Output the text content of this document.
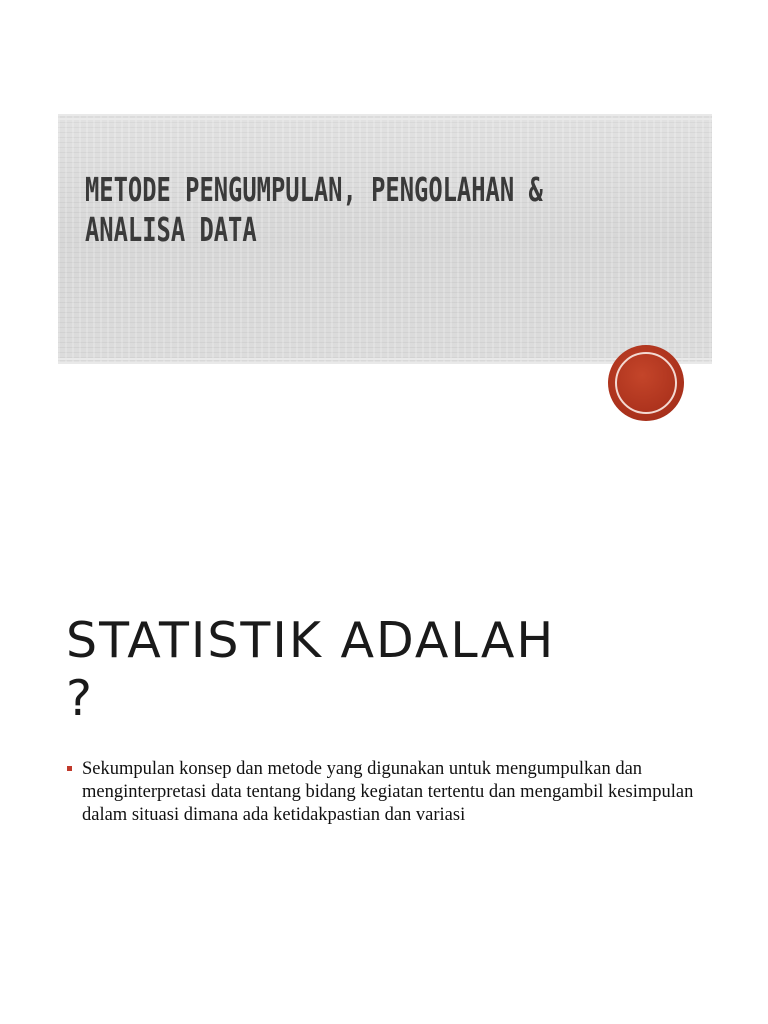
METODE PENGUMPULAN, PENGOLAHAN &
ANALISA DATA
STATISTIK ADALAH
?
Sekumpulan konsep dan metode yang digunakan untuk mengumpulkan dan menginterpretasi data tentang bidang kegiatan tertentu dan mengambil kesimpulan dalam situasi dimana ada ketidakpastian dan variasi
